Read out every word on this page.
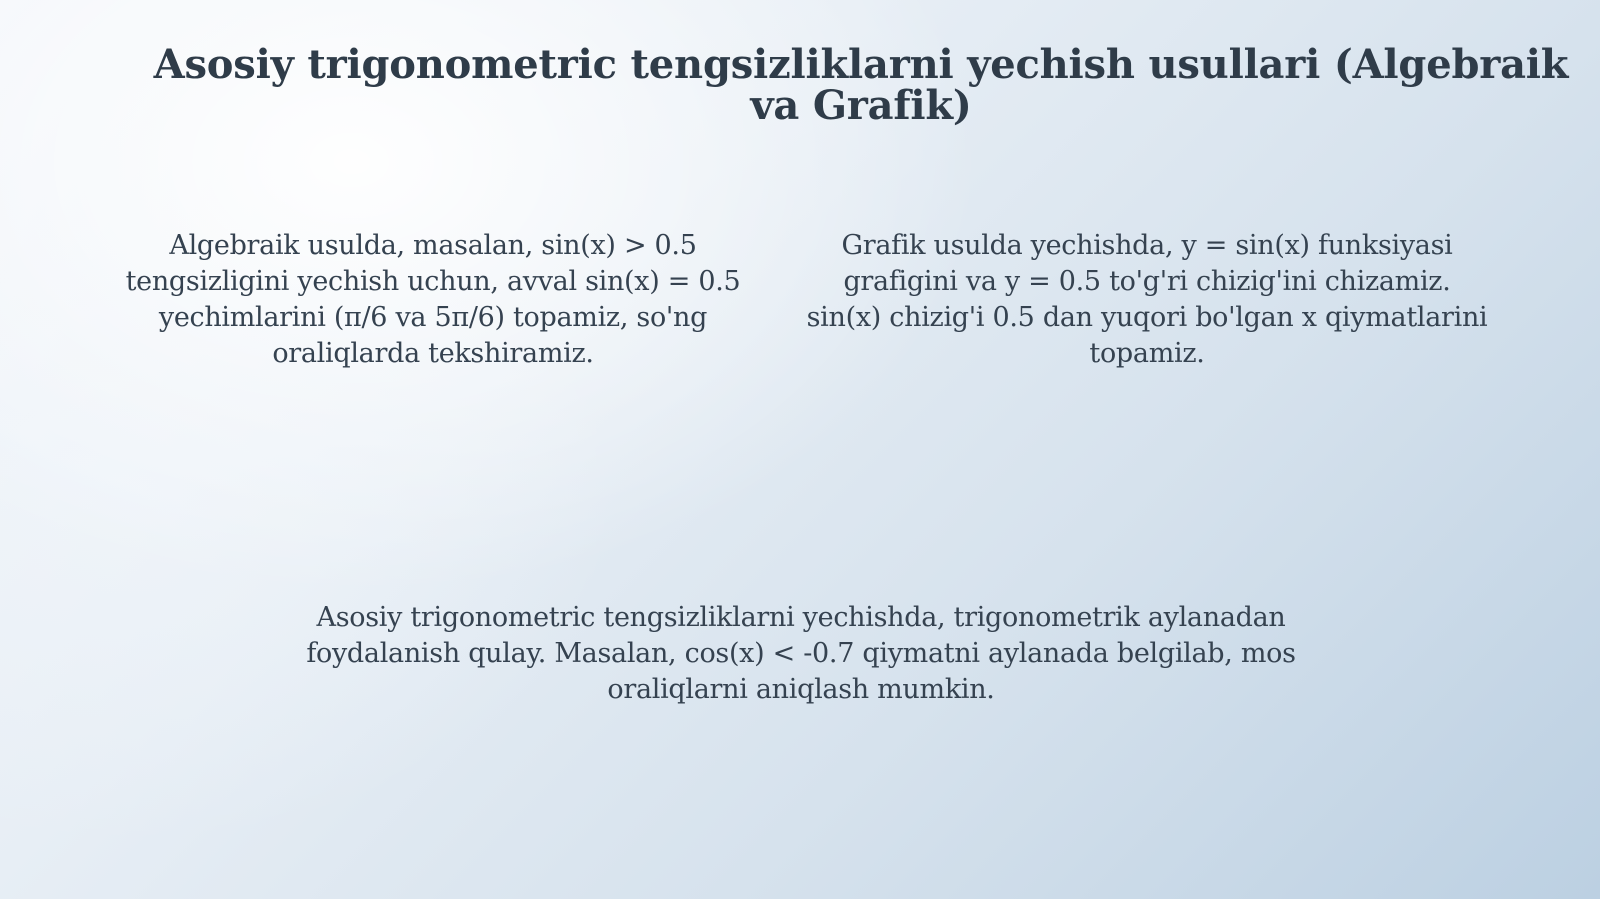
Asosiy trigonometric tengsizliklarni yechish usullari (Algebraik va Grafik)

Algebraik usulda, masalan, sin(x) > 0.5 tengsizligini yechish uchun, avval sin(x) = 0.5 yechimlarini (π/6 va 5π/6) topamiz, so'ng oraliqlarda tekshiramiz.

Grafik usulda yechishda, y = sin(x) funksiyasi grafigini va y = 0.5 to'g'ri chizig'ini chizamiz. sin(x) chizig'i 0.5 dan yuqori bo'lgan x qiymatlarini topamiz.

Asosiy trigonometric tengsizliklarni yechishda, trigonometrik aylanadan foydalanish qulay. Masalan, cos(x) < -0.7 qiymatni aylanada belgilab, mos oraliqlarni aniqlash mumkin.
